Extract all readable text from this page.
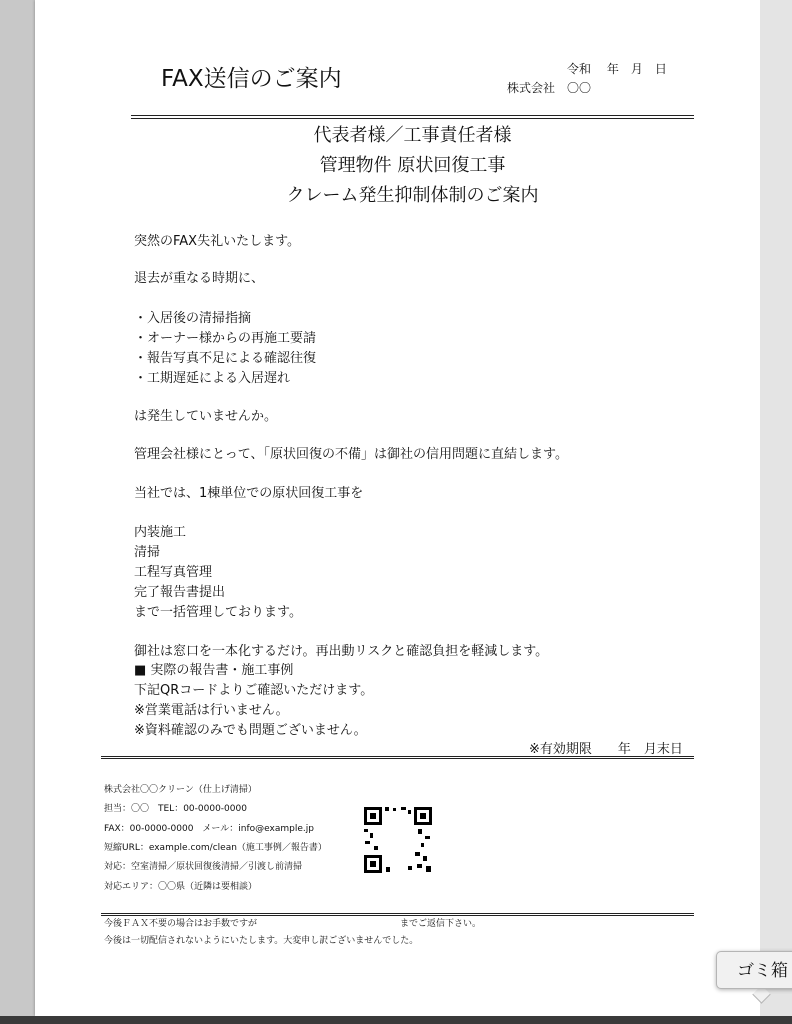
FAX送信のご案内	令和　 年　月　日
株式会社　〇〇
代表者様／工事責任者様
管理物件 原状回復工事
クレーム発生抑制体制のご案内
突然のFAX失礼いたします。
退去が重なる時期に、
・入居後の清掃指摘
・オーナー様からの再施工要請
・報告写真不足による確認往復
・工期遅延による入居遅れ
は発生していませんか。
管理会社様にとって、「原状回復の不備」は御社の信用問題に直結します。
当社では、1棟単位での原状回復工事を
内装施工
清掃
工程写真管理
完了報告書提出
まで一括管理しております。
御社は窓口を一本化するだけ。再出動リスクと確認負担を軽減します。
■ 実際の報告書・施工事例
下記QRコードよりご確認いただけます。
※営業電話は行いません。
※資料確認のみでも問題ございません。
※有効期限　　年　月末日
株式会社〇〇クリーン（仕上げ清掃）
担当：〇〇　TEL：00-0000-0000
FAX：00-0000-0000　メール：info@example.jp
短縮URL：example.com/clean（施工事例／報告書）
対応：空室清掃／原状回復後清掃／引渡し前清掃
対応エリア：〇〇県（近隣は要相談）
今後ＦＡＸ不要の場合はお手数ですが	までご返信下さい。
今後は一切配信されないようにいたします。大変申し訳ございませんでした。
ゴミ箱
